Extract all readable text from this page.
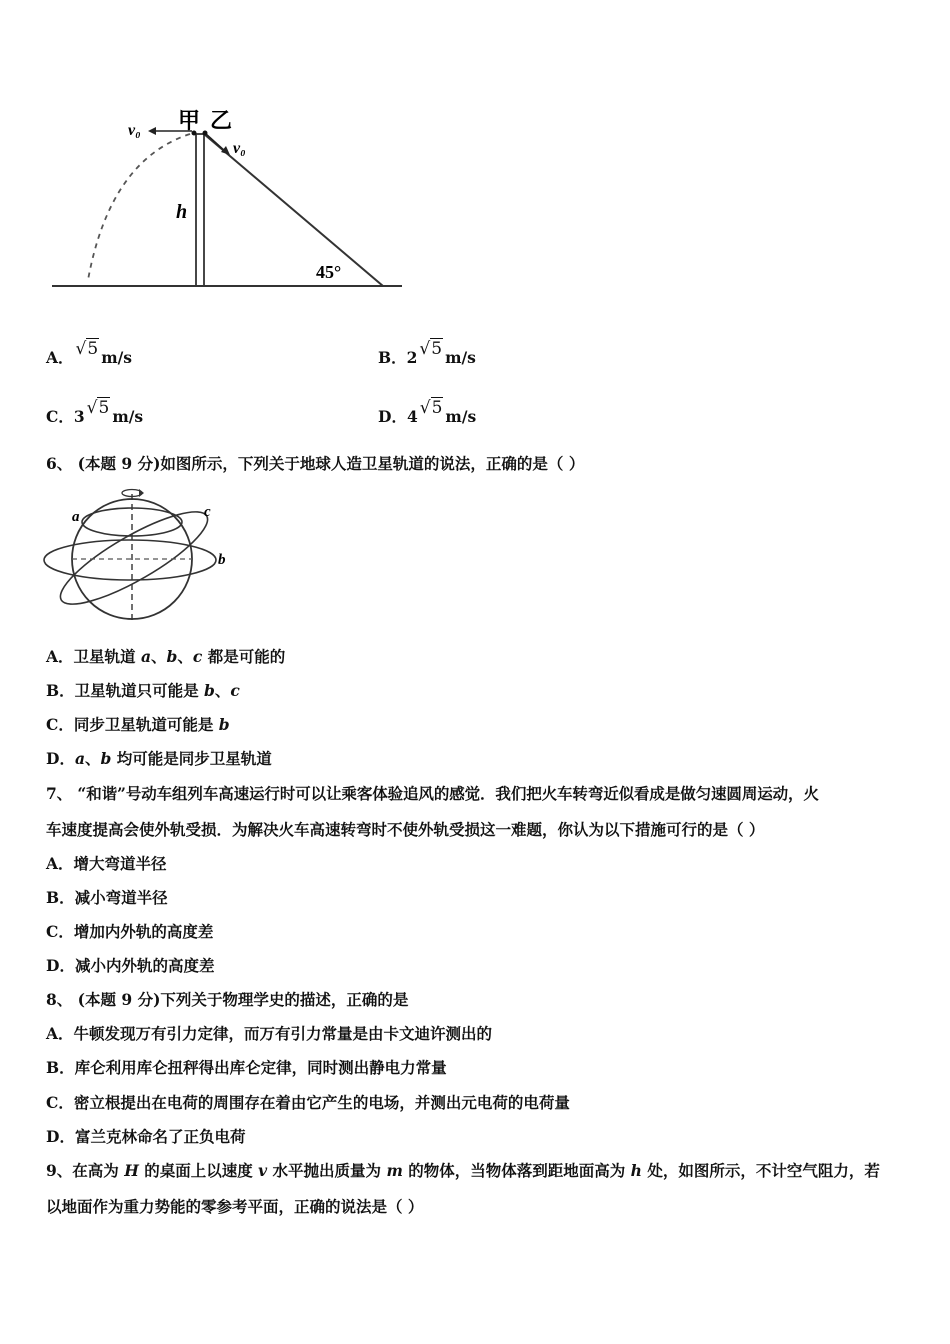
甲 乙
v₀
v₀
h
45°
A． √5 m/s	B．2 √5 m/s
C．3 √5 m/s	D．4 √5 m/s
6、 (本题 9 分)如图所示，下列关于地球人造卫星轨道的说法，正确的是（ ）
a
b
c
A．卫星轨道 a、b、c 都是可能的
B．卫星轨道只可能是 b、c
C．同步卫星轨道可能是 b
D．a、b 均可能是同步卫星轨道
7、 “和谐”号动车组列车高速运行时可以让乘客体验追风的感觉．我们把火车转弯近似看成是做匀速圆周运动，火
车速度提高会使外轨受损．为解决火车高速转弯时不使外轨受损这一难题，你认为以下措施可行的是（ ）
A．增大弯道半径
B．减小弯道半径
C．增加内外轨的高度差
D．减小内外轨的高度差
8、 (本题 9 分)下列关于物理学史的描述，正确的是
A．牛顿发现万有引力定律，而万有引力常量是由卡文迪许测出的
B．库仑利用库仑扭秤得出库仑定律，同时测出静电力常量
C．密立根提出在电荷的周围存在着由它产生的电场，并测出元电荷的电荷量
D．富兰克林命名了正负电荷
9、在高为 H 的桌面上以速度 v 水平抛出质量为 m 的物体，当物体落到距地面高为 h 处，如图所示，不计空气阻力，若
以地面作为重力势能的零参考平面，正确的说法是（ ）
